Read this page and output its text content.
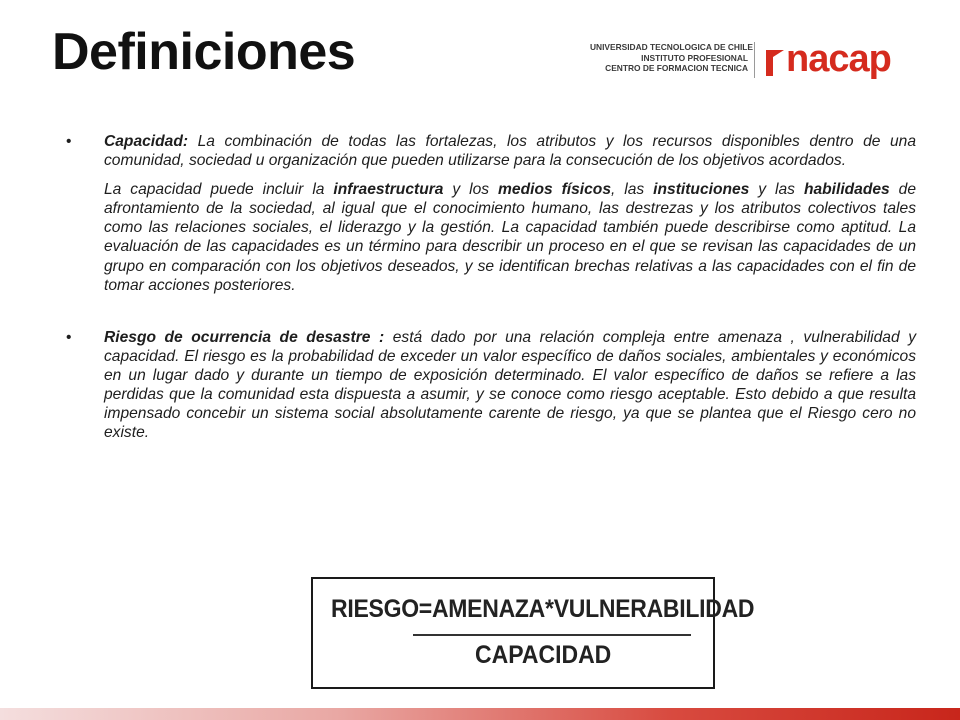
Definiciones	UNIVERSIDAD TECNOLOGICA DE CHILE
INSTITUTO PROFESIONAL
CENTRO DE FORMACION TECNICA nacap

• Capacidad: La combinación de todas las fortalezas, los atributos y los recursos disponibles dentro de una comunidad, sociedad u organización que pueden utilizarse para la consecución de los objetivos acordados.

La capacidad puede incluir la infraestructura y los medios físicos, las instituciones y las habilidades de afrontamiento de la sociedad, al igual que el conocimiento humano, las destrezas y los atributos colectivos tales como las relaciones sociales, el liderazgo y la gestión. La capacidad también puede describirse como aptitud. La evaluación de las capacidades es un término para describir un proceso en el que se revisan las capacidades de un grupo en comparación con los objetivos deseados, y se identifican brechas relativas a las capacidades con el fin de tomar acciones posteriores.

• Riesgo de ocurrencia de desastre : está dado por una relación compleja entre amenaza , vulnerabilidad y capacidad. El riesgo es la probabilidad de exceder un valor específico de daños sociales, ambientales y económicos en un lugar dado y durante un tiempo de exposición determinado. El valor específico de daños se refiere a las perdidas que la comunidad esta dispuesta a asumir, y se conoce como riesgo aceptable. Esto debido a que resulta impensado concebir un sistema social absolutamente carente de riesgo, ya que se plantea que el Riesgo cero no existe.

RIESGO=AMENAZA*VULNERABILIDAD
CAPACIDAD
